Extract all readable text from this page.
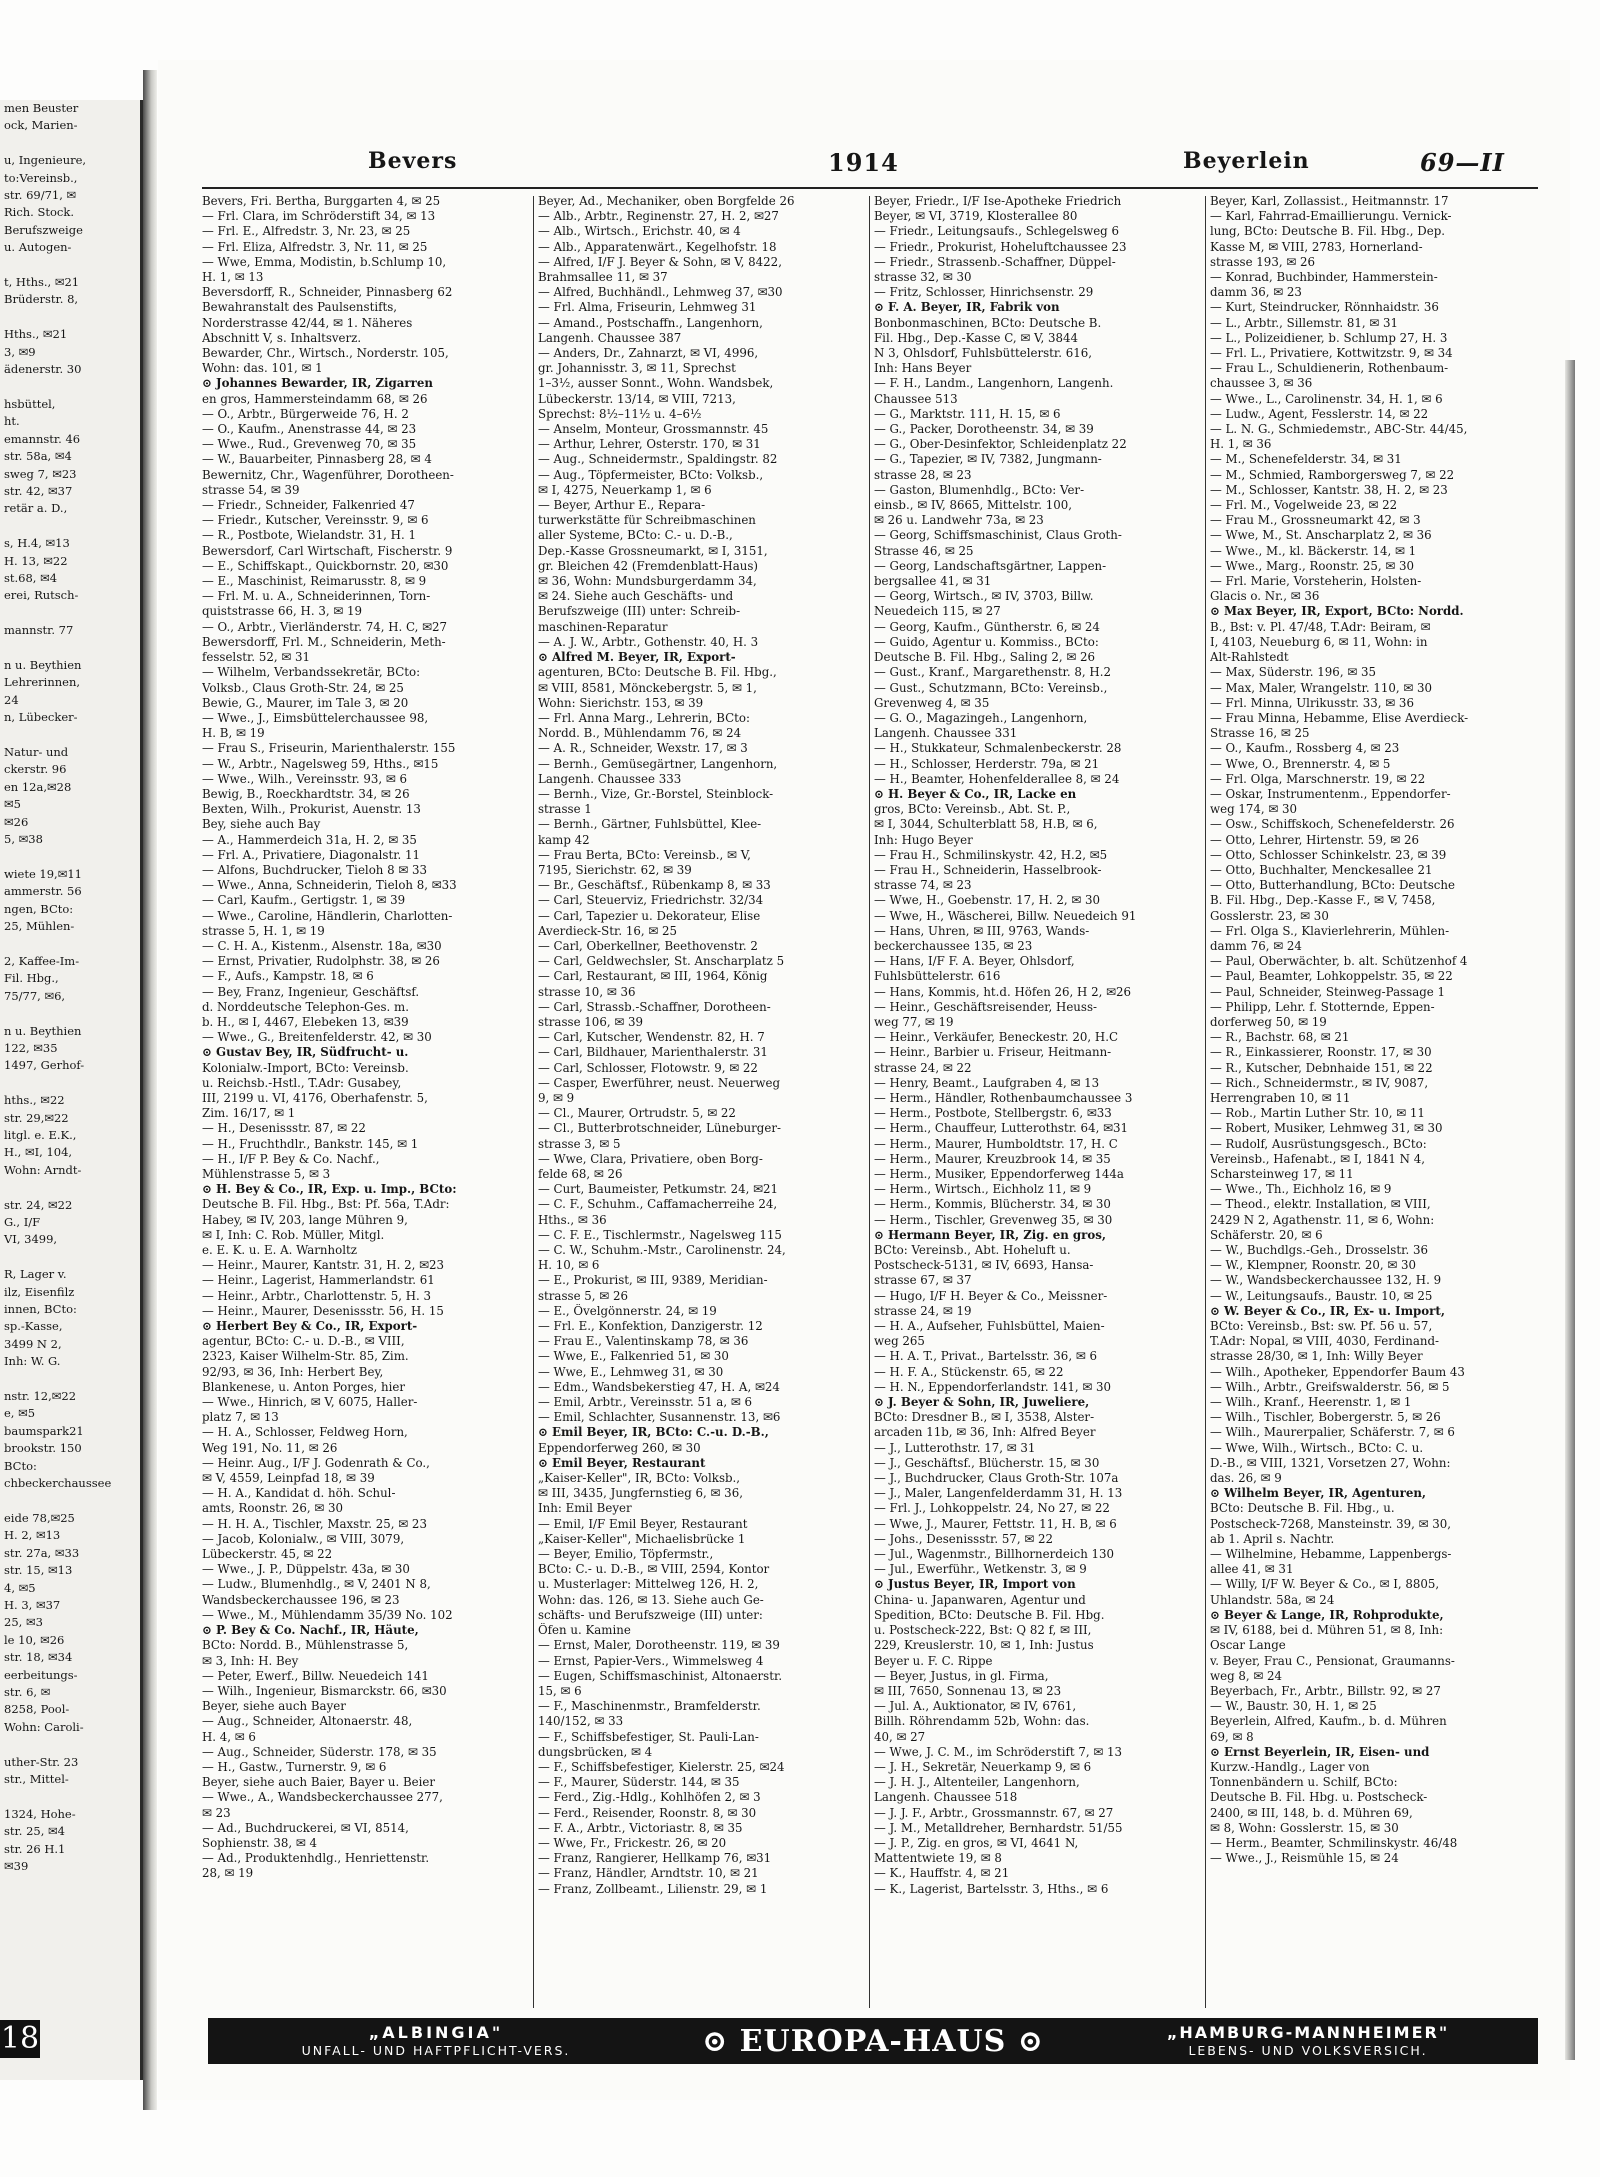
men Beuster
ock, Marien-

u, Ingenieure,
to:Vereinsb.,
str. 69/71, ✉
Rich. Stock.
Berufszweige
u. Autogen-

t, Hths., ✉21
Brüderstr. 8,

Hths., ✉21
3, ✉9
ädenerstr. 30

hsbüttel,
ht.
emannstr. 46
str. 58a, ✉4
sweg 7, ✉23
str. 42, ✉37
retär a. D.,

s, H.4, ✉13
H. 13, ✉22
st.68, ✉4
erei, Rutsch-

mannstr. 77

n u. Beythien
Lehrerinnen,
24
n, Lübecker-

Natur- und
ckerstr. 96
en 12a,✉28
✉5
✉26
5, ✉38

wiete 19,✉11
ammerstr. 56
ngen, BCto:
25, Mühlen-

2, Kaffee-Im-
Fil. Hbg.,
75/77, ✉6,

n u. Beythien
122, ✉35
1497, Gerhof-

hths., ✉22
str. 29,✉22
litgl. e. E.K.,
H., ✉I, 104,
Wohn: Arndt-

str. 24, ✉22
G., I/F
VI, 3499,

R, Lager v.
ilz, Eisenfilz
innen, BCto:
sp.-Kasse,
3499 N 2,
Inh: W. G.

nstr. 12,✉22
e, ✉5
baumspark21
brookstr. 150
BCto:
chbeckerchaussee

eide 78,✉25
H. 2, ✉13
str. 27a, ✉33
str. 15, ✉13
4, ✉5
H. 3, ✉37
25, ✉3
le 10, ✉26
str. 18, ✉34
eerbeitungs-
str. 6, ✉
8258, Pool-
Wohn: Caroli-

uther-Str. 23
str., Mittel-

1324, Hohe-
str. 25, ✉4
str. 26 H.1
✉39
18
Bevers	1914	Beyerlein	69—II
Bevers, Fri. Bertha, Burggarten 4, ✉ 25
— Frl. Clara, im Schröderstift 34, ✉ 13
— Frl. E., Alfredstr. 3, Nr. 23, ✉ 25
— Frl. Eliza, Alfredstr. 3, Nr. 11, ✉ 25
— Wwe, Emma, Modistin, b.Schlump 10,
H. 1, ✉ 13
Beversdorff, R., Schneider, Pinnasberg 62
Bewahranstalt des Paulsenstifts,
Norderstrasse 42/44, ✉ 1. Näheres
Abschnitt V, s. Inhaltsverz.
Bewarder, Chr., Wirtsch., Norderstr. 105,
Wohn: das. 101, ✉ 1
⊙ Johannes Bewarder, IR, Zigarren
en gros, Hammersteindamm 68, ✉ 26
— O., Arbtr., Bürgerweide 76, H. 2
— O., Kaufm., Anenstrasse 44, ✉ 23
— Wwe., Rud., Grevenweg 70, ✉ 35
— W., Bauarbeiter, Pinnasberg 28, ✉ 4
Bewernitz, Chr., Wagenführer, Dorotheen-
strasse 54, ✉ 39
— Friedr., Schneider, Falkenried 47
— Friedr., Kutscher, Vereinsstr. 9, ✉ 6
— R., Postbote, Wielandstr. 31, H. 1
Bewersdorf, Carl Wirtschaft, Fischerstr. 9
— E., Schiffskapt., Quickbornstr. 20, ✉30
— E., Maschinist, Reimarusstr. 8, ✉ 9
— Frl. M. u. A., Schneiderinnen, Torn-
quiststrasse 66, H. 3, ✉ 19
— O., Arbtr., Vierländerstr. 74, H. C, ✉27
Bewersdorff, Frl. M., Schneiderin, Meth-
fesselstr. 52, ✉ 31
— Wilhelm, Verbandssekretär, BCto:
Volksb., Claus Groth-Str. 24, ✉ 25
Bewie, G., Maurer, im Tale 3, ✉ 20
— Wwe., J., Eimsbüttelerchaussee 98,
H. B, ✉ 19
— Frau S., Friseurin, Marienthalerstr. 155
— W., Arbtr., Nagelsweg 59, Hths., ✉15
— Wwe., Wilh., Vereinsstr. 93, ✉ 6
Bewig, B., Roeckhardtstr. 34, ✉ 26
Bexten, Wilh., Prokurist, Auenstr. 13
Bey, siehe auch Bay
— A., Hammerdeich 31a, H. 2, ✉ 35
— Frl. A., Privatiere, Diagonalstr. 11
— Alfons, Buchdrucker, Tieloh 8 ✉ 33
— Wwe., Anna, Schneiderin, Tieloh 8, ✉33
— Carl, Kaufm., Gertigstr. 1, ✉ 39
— Wwe., Caroline, Händlerin, Charlotten-
strasse 5, H. 1, ✉ 19
— C. H. A., Kistenm., Alsenstr. 18a, ✉30
— Ernst, Privatier, Rudolphstr. 38, ✉ 26
— F., Aufs., Kampstr. 18, ✉ 6
— Bey, Franz, Ingenieur, Geschäftsf.
d. Norddeutsche Telephon-Ges. m.
b. H., ✉ I, 4467, Elebeken 13, ✉39
— Wwe., G., Breitenfelderstr. 42, ✉ 30
⊙ Gustav Bey, IR, Südfrucht- u.
Kolonialw.-Import, BCto: Vereinsb.
u. Reichsb.-Hstl., T.Adr: Gusabey,
III, 2199 u. VI, 4176, Oberhafenstr. 5,
Zim. 16/17, ✉ 1
— H., Desenissstr. 87, ✉ 22
— H., Fruchthdlr., Bankstr. 145, ✉ 1
— H., I/F P. Bey & Co. Nachf.,
Mühlenstrasse 5, ✉ 3
⊙ H. Bey & Co., IR, Exp. u. Imp., BCto:
Deutsche B. Fil. Hbg., Bst: Pf. 56a, T.Adr:
Habey, ✉ IV, 203, lange Mühren 9,
✉ I, Inh: C. Rob. Müller, Mitgl.
e. E. K. u. E. A. Warnholtz
— Heinr., Maurer, Kantstr. 31, H. 2, ✉23
— Heinr., Lagerist, Hammerlandstr. 61
— Heinr., Arbtr., Charlottenstr. 5, H. 3
— Heinr., Maurer, Desenissstr. 56, H. 15
⊙ Herbert Bey & Co., IR, Export-
agentur, BCto: C.- u. D.-B., ✉ VIII,
2323, Kaiser Wilhelm-Str. 85, Zim.
92/93, ✉ 36, Inh: Herbert Bey,
Blankenese, u. Anton Porges, hier
— Wwe., Hinrich, ✉ V, 6075, Haller-
platz 7, ✉ 13
— H. A., Schlosser, Feldweg Horn,
Weg 191, No. 11, ✉ 26
— Heinr. Aug., I/F J. Godenrath & Co.,
✉ V, 4559, Leinpfad 18, ✉ 39
— H. A., Kandidat d. höh. Schul-
amts, Roonstr. 26, ✉ 30
— H. H. A., Tischler, Maxstr. 25, ✉ 23
— Jacob, Kolonialw., ✉ VIII, 3079,
Lübeckerstr. 45, ✉ 22
— Wwe., J. P., Düppelstr. 43a, ✉ 30
— Ludw., Blumenhdlg., ✉ V, 2401 N 8,
Wandsbeckerchaussee 196, ✉ 23
— Wwe., M., Mühlendamm 35/39 No. 102
⊙ P. Bey & Co. Nachf., IR, Häute,
BCto: Nordd. B., Mühlenstrasse 5,
✉ 3, Inh: H. Bey
— Peter, Ewerf., Billw. Neuedeich 141
— Wilh., Ingenieur, Bismarckstr. 66, ✉30
Beyer, siehe auch Bayer
— Aug., Schneider, Altonaerstr. 48,
H. 4, ✉ 6
— Aug., Schneider, Süderstr. 178, ✉ 35
— H., Gastw., Turnerstr. 9, ✉ 6
Beyer, siehe auch Baier, Bayer u. Beier
— Wwe., A., Wandsbeckerchaussee 277,
✉ 23
— Ad., Buchdruckerei, ✉ VI, 8514,
Sophienstr. 38, ✉ 4
— Ad., Produktenhdlg., Henriettenstr.
28, ✉ 19
Beyer, Ad., Mechaniker, oben Borgfelde 26
— Alb., Arbtr., Reginenstr. 27, H. 2, ✉27
— Alb., Wirtsch., Erichstr. 40, ✉ 4
— Alb., Apparatenwärt., Kegelhofstr. 18
— Alfred, I/F J. Beyer & Sohn, ✉ V, 8422,
Brahmsallee 11, ✉ 37
— Alfred, Buchhändl., Lehmweg 37, ✉30
— Frl. Alma, Friseurin, Lehmweg 31
— Amand., Postschaffn., Langenhorn,
Langenh. Chaussee 387
— Anders, Dr., Zahnarzt, ✉ VI, 4996,
gr. Johannisstr. 3, ✉ 11, Sprechst
1–3½, ausser Sonnt., Wohn. Wandsbek,
Lübeckerstr. 13/14, ✉ VIII, 7213,
Sprechst: 8½–11½ u. 4–6½
— Anselm, Monteur, Grossmannstr. 45
— Arthur, Lehrer, Osterstr. 170, ✉ 31
— Aug., Schneidermstr., Spaldingstr. 82
— Aug., Töpfermeister, BCto: Volksb.,
✉ I, 4275, Neuerkamp 1, ✉ 6
— Beyer, Arthur E., Repara-
turwerkstätte für Schreibmaschinen
aller Systeme, BCto: C.- u. D.-B.,
Dep.-Kasse Grossneumarkt, ✉ I, 3151,
gr. Bleichen 42 (Fremdenblatt-Haus)
✉ 36, Wohn: Mundsburgerdamm 34,
✉ 24. Siehe auch Geschäfts- und
Berufszweige (III) unter: Schreib-
maschinen-Reparatur
— A. J. W., Arbtr., Gothenstr. 40, H. 3
⊙ Alfred M. Beyer, IR, Export-
agenturen, BCto: Deutsche B. Fil. Hbg.,
✉ VIII, 8581, Mönckebergstr. 5, ✉ 1,
Wohn: Sierichstr. 153, ✉ 39
— Frl. Anna Marg., Lehrerin, BCto:
Nordd. B., Mühlendamm 76, ✉ 24
— A. R., Schneider, Wexstr. 17, ✉ 3
— Bernh., Gemüsegärtner, Langenhorn,
Langenh. Chaussee 333
— Bernh., Vize, Gr.-Borstel, Steinblock-
strasse 1
— Bernh., Gärtner, Fuhlsbüttel, Klee-
kamp 42
— Frau Berta, BCto: Vereinsb., ✉ V,
7195, Sierichstr. 62, ✉ 39
— Br., Geschäftsf., Rübenkamp 8, ✉ 33
— Carl, Steuerviz, Friedrichstr. 32/34
— Carl, Tapezier u. Dekorateur, Elise
Averdieck-Str. 16, ✉ 25
— Carl, Oberkellner, Beethovenstr. 2
— Carl, Geldwechsler, St. Anscharplatz 5
— Carl, Restaurant, ✉ III, 1964, König
strasse 10, ✉ 36
— Carl, Strassb.-Schaffner, Dorotheen-
strasse 106, ✉ 39
— Carl, Kutscher, Wendenstr. 82, H. 7
— Carl, Bildhauer, Marienthalerstr. 31
— Carl, Schlosser, Flotowstr. 9, ✉ 22
— Casper, Ewerführer, neust. Neuerweg
9, ✉ 9
— Cl., Maurer, Ortrudstr. 5, ✉ 22
— Cl., Butterbrotschneider, Lüneburger-
strasse 3, ✉ 5
— Wwe, Clara, Privatiere, oben Borg-
felde 68, ✉ 26
— Curt, Baumeister, Petkumstr. 24, ✉21
— C. F., Schuhm., Caffamacherreihe 24,
Hths., ✉ 36
— C. F. E., Tischlermstr., Nagelsweg 115
— C. W., Schuhm.-Mstr., Carolinenstr. 24,
H. 10, ✉ 6
— E., Prokurist, ✉ III, 9389, Meridian-
strasse 5, ✉ 26
— E., Övelgönnerstr. 24, ✉ 19
— Frl. E., Konfektion, Danzigerstr. 12
— Frau E., Valentinskamp 78, ✉ 36
— Wwe, E., Falkenried 51, ✉ 30
— Wwe, E., Lehmweg 31, ✉ 30
— Edm., Wandsbekerstieg 47, H. A, ✉24
— Emil, Arbtr., Vereinsstr. 51 a, ✉ 6
— Emil, Schlachter, Susannenstr. 13, ✉6
⊙ Emil Beyer, IR, BCto: C.-u. D.-B.,
Eppendorferweg 260, ✉ 30
⊙ Emil Beyer, Restaurant
„Kaiser-Keller", IR, BCto: Volksb.,
✉ III, 3435, Jungfernstieg 6, ✉ 36,
Inh: Emil Beyer
— Emil, I/F Emil Beyer, Restaurant
„Kaiser-Keller", Michaelisbrücke 1
— Beyer, Emilio, Töpfermstr.,
BCto: C.- u. D.-B., ✉ VIII, 2594, Kontor
u. Musterlager: Mittelweg 126, H. 2,
Wohn: das. 126, ✉ 13. Siehe auch Ge-
schäfts- und Berufszweige (III) unter:
Öfen u. Kamine
— Ernst, Maler, Dorotheenstr. 119, ✉ 39
— Ernst, Papier-Vers., Wimmelsweg 4
— Eugen, Schiffsmaschinist, Altonaerstr.
15, ✉ 6
— F., Maschinenmstr., Bramfelderstr.
140/152, ✉ 33
— F., Schiffsbefestiger, St. Pauli-Lan-
dungsbrücken, ✉ 4
— F., Schiffsbefestiger, Kielerstr. 25, ✉24
— F., Maurer, Süderstr. 144, ✉ 35
— Ferd., Zig.-Hdlg., Kohlhöfen 2, ✉ 3
— Ferd., Reisender, Roonstr. 8, ✉ 30
— F. A., Arbtr., Victoriastr. 8, ✉ 35
— Wwe, Fr., Frickestr. 26, ✉ 20
— Franz, Rangierer, Hellkamp 76, ✉31
— Franz, Händler, Arndtstr. 10, ✉ 21
— Franz, Zollbeamt., Lilienstr. 29, ✉ 1
Beyer, Friedr., I/F Ise-Apotheke Friedrich
Beyer, ✉ VI, 3719, Klosterallee 80
— Friedr., Leitungsaufs., Schlegelsweg 6
— Friedr., Prokurist, Hoheluftchaussee 23
— Friedr., Strassenb.-Schaffner, Düppel-
strasse 32, ✉ 30
— Fritz, Schlosser, Hinrichsenstr. 29
⊙ F. A. Beyer, IR, Fabrik von
Bonbonmaschinen, BCto: Deutsche B.
Fil. Hbg., Dep.-Kasse C, ✉ V, 3844
N 3, Ohlsdorf, Fuhlsbüttelerstr. 616,
Inh: Hans Beyer
— F. H., Landm., Langenhorn, Langenh.
Chaussee 513
— G., Marktstr. 111, H. 15, ✉ 6
— G., Packer, Dorotheenstr. 34, ✉ 39
— G., Ober-Desinfektor, Schleidenplatz 22
— G., Tapezier, ✉ IV, 7382, Jungmann-
strasse 28, ✉ 23
— Gaston, Blumenhdlg., BCto: Ver-
einsb., ✉ IV, 8665, Mittelstr. 100,
✉ 26 u. Landwehr 73a, ✉ 23
— Georg, Schiffsmaschinist, Claus Groth-
Strasse 46, ✉ 25
— Georg, Landschaftsgärtner, Lappen-
bergsallee 41, ✉ 31
— Georg, Wirtsch., ✉ IV, 3703, Billw.
Neuedeich 115, ✉ 27
— Georg, Kaufm., Güntherstr. 6, ✉ 24
— Guido, Agentur u. Kommiss., BCto:
Deutsche B. Fil. Hbg., Saling 2, ✉ 26
— Gust., Kranf., Margarethenstr. 8, H.2
— Gust., Schutzmann, BCto: Vereinsb.,
Grevenweg 4, ✉ 35
— G. O., Magazingeh., Langenhorn,
Langenh. Chaussee 331
— H., Stukkateur, Schmalenbeckerstr. 28
— H., Schlosser, Herderstr. 79a, ✉ 21
— H., Beamter, Hohenfelderallee 8, ✉ 24
⊙ H. Beyer & Co., IR, Lacke en
gros, BCto: Vereinsb., Abt. St. P.,
✉ I, 3044, Schulterblatt 58, H.B, ✉ 6,
Inh: Hugo Beyer
— Frau H., Schmilinskystr. 42, H.2, ✉5
— Frau H., Schneiderin, Hasselbrook-
strasse 74, ✉ 23
— Wwe, H., Goebenstr. 17, H. 2, ✉ 30
— Wwe, H., Wäscherei, Billw. Neuedeich 91
— Hans, Uhren, ✉ III, 9763, Wands-
beckerchaussee 135, ✉ 23
— Hans, I/F F. A. Beyer, Ohlsdorf,
Fuhlsbüttelerstr. 616
— Hans, Kommis, ht.d. Höfen 26, H 2, ✉26
— Heinr., Geschäftsreisender, Heuss-
weg 77, ✉ 19
— Heinr., Verkäufer, Beneckestr. 20, H.C
— Heinr., Barbier u. Friseur, Heitmann-
strasse 24, ✉ 22
— Henry, Beamt., Laufgraben 4, ✉ 13
— Herm., Händler, Rothenbaumchaussee 3
— Herm., Postbote, Stellbergstr. 6, ✉33
— Herm., Chauffeur, Lutterothstr. 64, ✉31
— Herm., Maurer, Humboldtstr. 17, H. C
— Herm., Maurer, Kreuzbrook 14, ✉ 35
— Herm., Musiker, Eppendorferweg 144a
— Herm., Wirtsch., Eichholz 11, ✉ 9
— Herm., Kommis, Blücherstr. 34, ✉ 30
— Herm., Tischler, Grevenweg 35, ✉ 30
⊙ Hermann Beyer, IR, Zig. en gros,
BCto: Vereinsb., Abt. Hoheluft u.
Postscheck-5131, ✉ IV, 6693, Hansa-
strasse 67, ✉ 37
— Hugo, I/F H. Beyer & Co., Meissner-
strasse 24, ✉ 19
— H. A., Aufseher, Fuhlsbüttel, Maien-
weg 265
— H. A. T., Privat., Bartelsstr. 36, ✉ 6
— H. F. A., Stückenstr. 65, ✉ 22
— H. N., Eppendorferlandstr. 141, ✉ 30
⊙ J. Beyer & Sohn, IR, Juweliere,
BCto: Dresdner B., ✉ I, 3538, Alster-
arcaden 11b, ✉ 36, Inh: Alfred Beyer
— J., Lutterothstr. 17, ✉ 31
— J., Geschäftsf., Blücherstr. 15, ✉ 30
— J., Buchdrucker, Claus Groth-Str. 107a
— J., Maler, Langenfelderdamm 31, H. 13
— Frl. J., Lohkoppelstr. 24, No 27, ✉ 22
— Wwe, J., Maurer, Fettstr. 11, H. B, ✉ 6
— Johs., Desenissstr. 57, ✉ 22
— Jul., Wagenmstr., Billhornerdeich 130
— Jul., Ewerführ., Wetkenstr. 3, ✉ 9
⊙ Justus Beyer, IR, Import von
China- u. Japanwaren, Agentur und
Spedition, BCto: Deutsche B. Fil. Hbg.
u. Postscheck-222, Bst: Q 82 f, ✉ III,
229, Kreuslerstr. 10, ✉ 1, Inh: Justus
Beyer u. F. C. Rippe
— Beyer, Justus, in gl. Firma,
✉ III, 7650, Sonnenau 13, ✉ 23
— Jul. A., Auktionator, ✉ IV, 6761,
Billh. Röhrendamm 52b, Wohn: das.
40, ✉ 27
— Wwe, J. C. M., im Schröderstift 7, ✉ 13
— J. H., Sekretär, Neuerkamp 9, ✉ 6
— J. H. J., Altenteiler, Langenhorn,
Langenh. Chaussee 518
— J. J. F., Arbtr., Grossmannstr. 67, ✉ 27
— J. M., Metalldreher, Bernhardstr. 51/55
— J. P., Zig. en gros, ✉ VI, 4641 N,
Mattentwiete 19, ✉ 8
— K., Hauffstr. 4, ✉ 21
— K., Lagerist, Bartelsstr. 3, Hths., ✉ 6
Beyer, Karl, Zollassist., Heitmannstr. 17
— Karl, Fahrrad-Emaillierungu. Vernick-
lung, BCto: Deutsche B. Fil. Hbg., Dep.
Kasse M, ✉ VIII, 2783, Hornerland-
strasse 193, ✉ 26
— Konrad, Buchbinder, Hammerstein-
damm 36, ✉ 23
— Kurt, Steindrucker, Rönnhaidstr. 36
— L., Arbtr., Sillemstr. 81, ✉ 31
— L., Polizeidiener, b. Schlump 27, H. 3
— Frl. L., Privatiere, Kottwitzstr. 9, ✉ 34
— Frau L., Schuldienerin, Rothenbaum-
chaussee 3, ✉ 36
— Wwe., L., Carolinenstr. 34, H. 1, ✉ 6
— Ludw., Agent, Fesslerstr. 14, ✉ 22
— L. N. G., Schmiedemstr., ABC-Str. 44/45,
H. 1, ✉ 36
— M., Schenefelderstr. 34, ✉ 31
— M., Schmied, Ramborgersweg 7, ✉ 22
— M., Schlosser, Kantstr. 38, H. 2, ✉ 23
— Frl. M., Vogelweide 23, ✉ 22
— Frau M., Grossneumarkt 42, ✉ 3
— Wwe, M., St. Anscharplatz 2, ✉ 36
— Wwe., M., kl. Bäckerstr. 14, ✉ 1
— Wwe., Marg., Roonstr. 25, ✉ 30
— Frl. Marie, Vorsteherin, Holsten-
Glacis o. Nr., ✉ 36
⊙ Max Beyer, IR, Export, BCto: Nordd.
B., Bst: v. Pl. 47/48, T.Adr: Beiram, ✉
I, 4103, Neueburg 6, ✉ 11, Wohn: in
Alt-Rahlstedt
— Max, Süderstr. 196, ✉ 35
— Max, Maler, Wrangelstr. 110, ✉ 30
— Frl. Minna, Ulrikusstr. 33, ✉ 36
— Frau Minna, Hebamme, Elise Averdieck-
Strasse 16, ✉ 25
— O., Kaufm., Rossberg 4, ✉ 23
— Wwe, O., Brennerstr. 4, ✉ 5
— Frl. Olga, Marschnerstr. 19, ✉ 22
— Oskar, Instrumentenm., Eppendorfer-
weg 174, ✉ 30
— Osw., Schiffskoch, Schenefelderstr. 26
— Otto, Lehrer, Hirtenstr. 59, ✉ 26
— Otto, Schlosser Schinkelstr. 23, ✉ 39
— Otto, Buchhalter, Menckesallee 21
— Otto, Butterhandlung, BCto: Deutsche
B. Fil. Hbg., Dep.-Kasse F., ✉ V, 7458,
Gosslerstr. 23, ✉ 30
— Frl. Olga S., Klavierlehrerin, Mühlen-
damm 76, ✉ 24
— Paul, Oberwächter, b. alt. Schützenhof 4
— Paul, Beamter, Lohkoppelstr. 35, ✉ 22
— Paul, Schneider, Steinweg-Passage 1
— Philipp, Lehr. f. Stotternde, Eppen-
dorferweg 50, ✉ 19
— R., Bachstr. 68, ✉ 21
— R., Einkassierer, Roonstr. 17, ✉ 30
— R., Kutscher, Debnhaide 151, ✉ 22
— Rich., Schneidermstr., ✉ IV, 9087,
Herrengraben 10, ✉ 11
— Rob., Martin Luther Str. 10, ✉ 11
— Robert, Musiker, Lehmweg 31, ✉ 30
— Rudolf, Ausrüstungsgesch., BCto:
Vereinsb., Hafenabt., ✉ I, 1841 N 4,
Scharsteinweg 17, ✉ 11
— Wwe., Th., Eichholz 16, ✉ 9
— Theod., elektr. Installation, ✉ VIII,
2429 N 2, Agathenstr. 11, ✉ 6, Wohn:
Schäferstr. 20, ✉ 6
— W., Buchdlgs.-Geh., Drosselstr. 36
— W., Klempner, Roonstr. 20, ✉ 30
— W., Wandsbeckerchaussee 132, H. 9
— W., Leitungsaufs., Baustr. 10, ✉ 25
⊙ W. Beyer & Co., IR, Ex- u. Import,
BCto: Vereinsb., Bst: sw. Pf. 56 u. 57,
T.Adr: Nopal, ✉ VIII, 4030, Ferdinand-
strasse 28/30, ✉ 1, Inh: Willy Beyer
— Wilh., Apotheker, Eppendorfer Baum 43
— Wilh., Arbtr., Greifswalderstr. 56, ✉ 5
— Wilh., Kranf., Heerenstr. 1, ✉ 1
— Wilh., Tischler, Bobergerstr. 5, ✉ 26
— Wilh., Maurerpalier, Schäferstr. 7, ✉ 6
— Wwe, Wilh., Wirtsch., BCto: C. u.
D.-B., ✉ VIII, 1321, Vorsetzen 27, Wohn:
das. 26, ✉ 9
⊙ Wilhelm Beyer, IR, Agenturen,
BCto: Deutsche B. Fil. Hbg., u.
Postscheck-7268, Mansteinstr. 39, ✉ 30,
ab 1. April s. Nachtr.
— Wilhelmine, Hebamme, Lappenbergs-
allee 41, ✉ 31
— Willy, I/F W. Beyer & Co., ✉ I, 8805,
Uhlandstr. 58a, ✉ 24
⊙ Beyer & Lange, IR, Rohprodukte,
✉ IV, 6188, bei d. Mühren 51, ✉ 8, Inh:
Oscar Lange
v. Beyer, Frau C., Pensionat, Graumanns-
weg 8, ✉ 24
Beyerbach, Fr., Arbtr., Billstr. 92, ✉ 27
— W., Baustr. 30, H. 1, ✉ 25
Beyerlein, Alfred, Kaufm., b. d. Mühren
69, ✉ 8
⊙ Ernst Beyerlein, IR, Eisen- und
Kurzw.-Handlg., Lager von
Tonnenbändern u. Schilf, BCto:
Deutsche B. Fil. Hbg. u. Postscheck-
2400, ✉ III, 148, b. d. Mühren 69,
✉ 8, Wohn: Gosslerstr. 15, ✉ 30
— Herm., Beamter, Schmilinskystr. 46/48
— Wwe., J., Reismühle 15, ✉ 24
„ALBINGIA"
UNFALL- UND HAFTPFLICHT-VERS.	⊙ EUROPA-HAUS ⊙	„HAMBURG-MANNHEIMER"
LEBENS- UND VOLKSVERSICH.
